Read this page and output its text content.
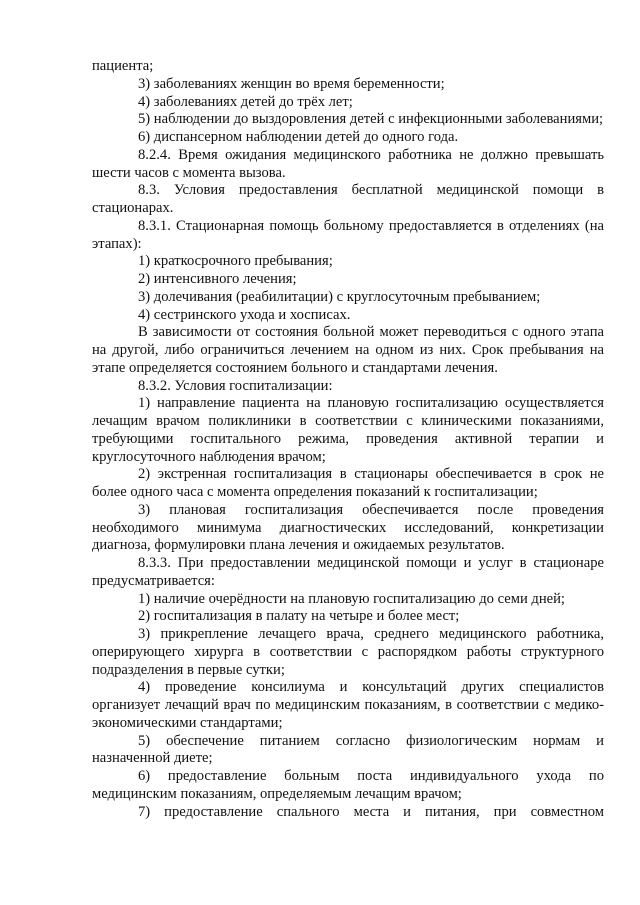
пациента;

3) заболеваниях женщин во время беременности;

4) заболеваниях детей до трёх лет;

5) наблюдении до выздоровления детей с инфекционными заболеваниями;

6) диспансерном наблюдении детей до одного года.

8.2.4. Время ожидания медицинского работника не должно превышать шести часов с момента вызова.

8.3. Условия предоставления бесплатной медицинской помощи в стационарах.

8.3.1. Стационарная помощь больному предоставляется в отделениях (на этапах):

1) краткосрочного пребывания;

2) интенсивного лечения;

3) долечивания (реабилитации) с круглосуточным пребыванием;

4) сестринского ухода и хосписах.

В зависимости от состояния больной может переводиться с одного этапа на другой, либо ограничиться лечением на одном из них. Срок пребывания на этапе определяется состоянием больного и стандартами лечения.

8.3.2. Условия госпитализации:

1) направление пациента на плановую госпитализацию осуществляется лечащим врачом поликлиники в соответствии с клиническими показаниями, требующими госпитального режима, проведения активной терапии и круглосуточного наблюдения врачом;

2) экстренная госпитализация в стационары обеспечивается в срок не более одного часа с момента определения показаний к госпитализации;

3) плановая госпитализация обеспечивается после проведения необходимого минимума диагностических исследований, конкретизации диагноза, формулировки плана лечения и ожидаемых результатов.

8.3.3. При предоставлении медицинской помощи и услуг в стационаре предусматривается:

1) наличие очерёдности на плановую госпитализацию до семи дней;

2) госпитализация в палату на четыре и более мест;

3) прикрепление лечащего врача, среднего медицинского работника, оперирующего хирурга в соответствии с распорядком работы структурного подразделения в первые сутки;

4) проведение консилиума и консультаций других специалистов организует лечащий врач по медицинским показаниям, в соответствии с медико-экономическими стандартами;

5) обеспечение питанием согласно физиологическим нормам и назначенной диете;

6) предоставление больным поста индивидуального ухода по медицинским показаниям, определяемым лечащим врачом;

7) предоставление спального места и питания, при совместном
